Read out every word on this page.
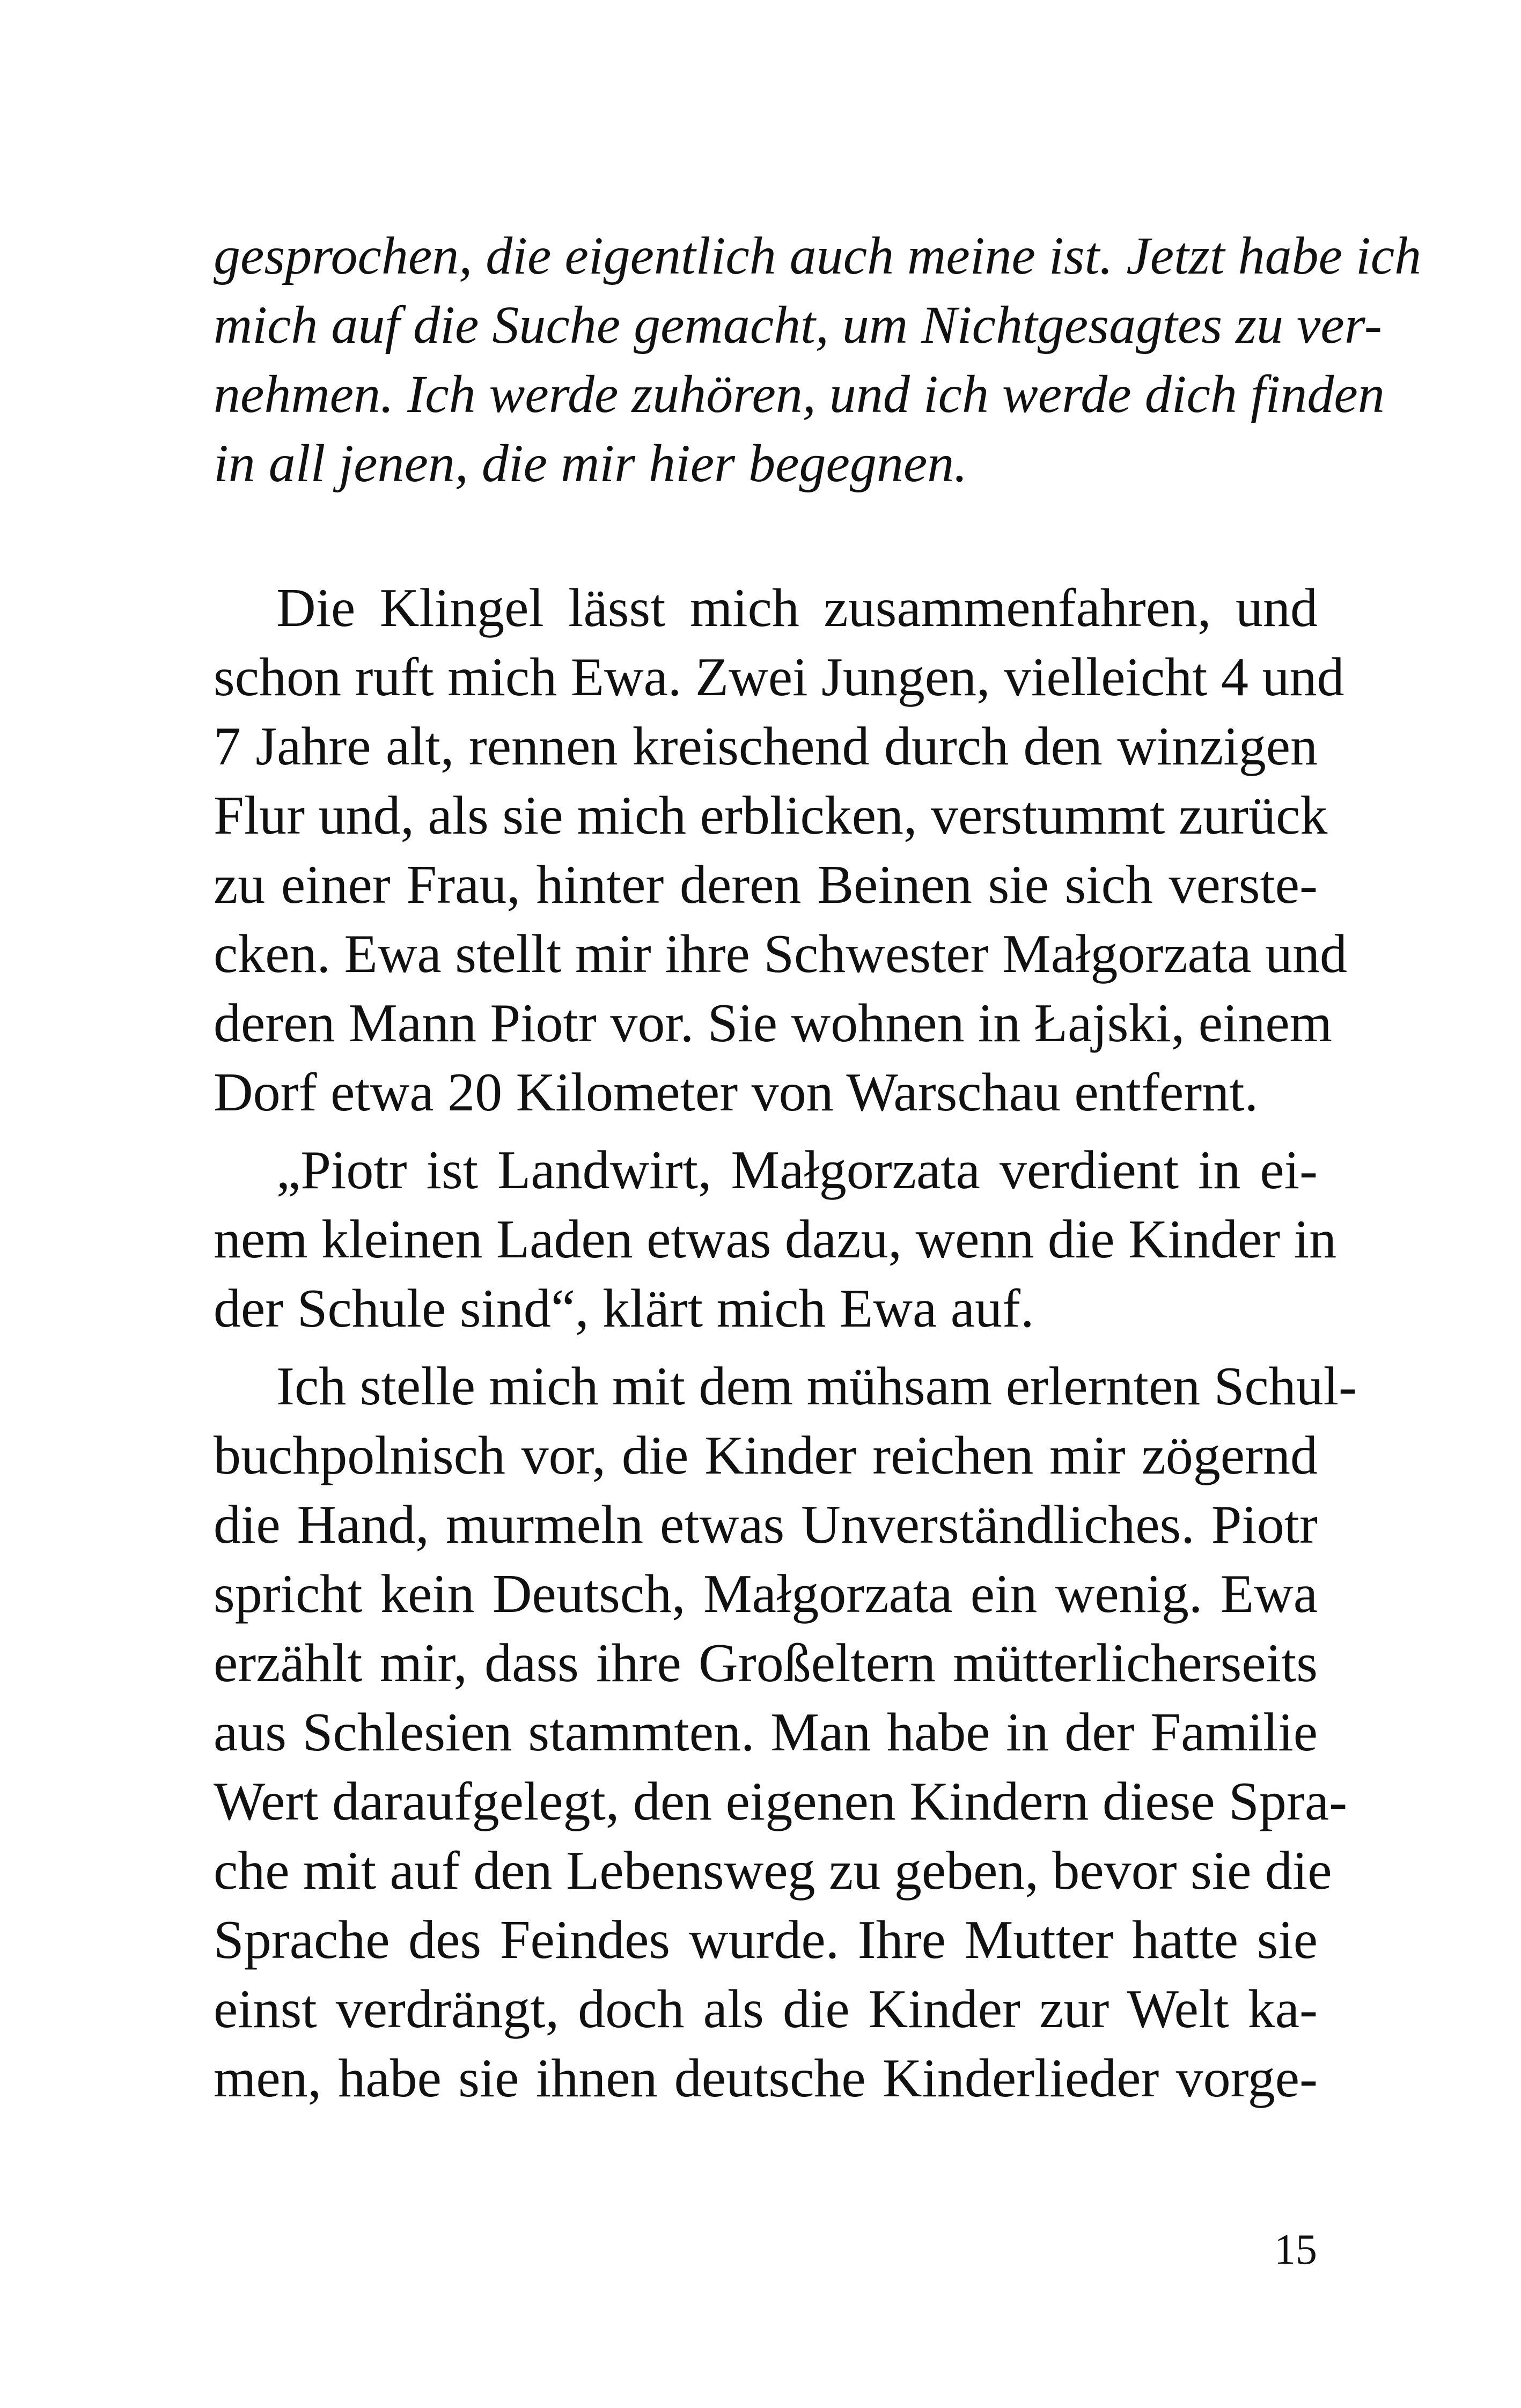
gesprochen, die eigentlich auch meine ist. Jetzt habe ich
mich auf die Suche gemacht, um Nichtgesagtes zu ver-
nehmen. Ich werde zuhören, und ich werde dich finden
in all jenen, die mir hier begegnen.
Die Klingel lässt mich zusammenfahren, und
schon ruft mich Ewa. Zwei Jungen, vielleicht 4 und
7 Jahre alt, rennen kreischend durch den winzigen
Flur und, als sie mich erblicken, verstummt zurück
zu einer Frau, hinter deren Beinen sie sich verste-
cken. Ewa stellt mir ihre Schwester Małgorzata und
deren Mann Piotr vor. Sie wohnen in Łajski, einem
Dorf etwa 20 Kilometer von Warschau entfernt.
„Piotr ist Landwirt, Małgorzata verdient in ei-
nem kleinen Laden etwas dazu, wenn die Kinder in
der Schule sind“, klärt mich Ewa auf.
Ich stelle mich mit dem mühsam erlernten Schul-
buchpolnisch vor, die Kinder reichen mir zögernd
die Hand, murmeln etwas Unverständliches. Piotr
spricht kein Deutsch, Małgorzata ein wenig. Ewa
erzählt mir, dass ihre Großeltern mütterlicherseits
aus Schlesien stammten. Man habe in der Familie
Wert daraufgelegt, den eigenen Kindern diese Spra-
che mit auf den Lebensweg zu geben, bevor sie die
Sprache des Feindes wurde. Ihre Mutter hatte sie
einst verdrängt, doch als die Kinder zur Welt ka-
men, habe sie ihnen deutsche Kinderlieder vorge-
15
